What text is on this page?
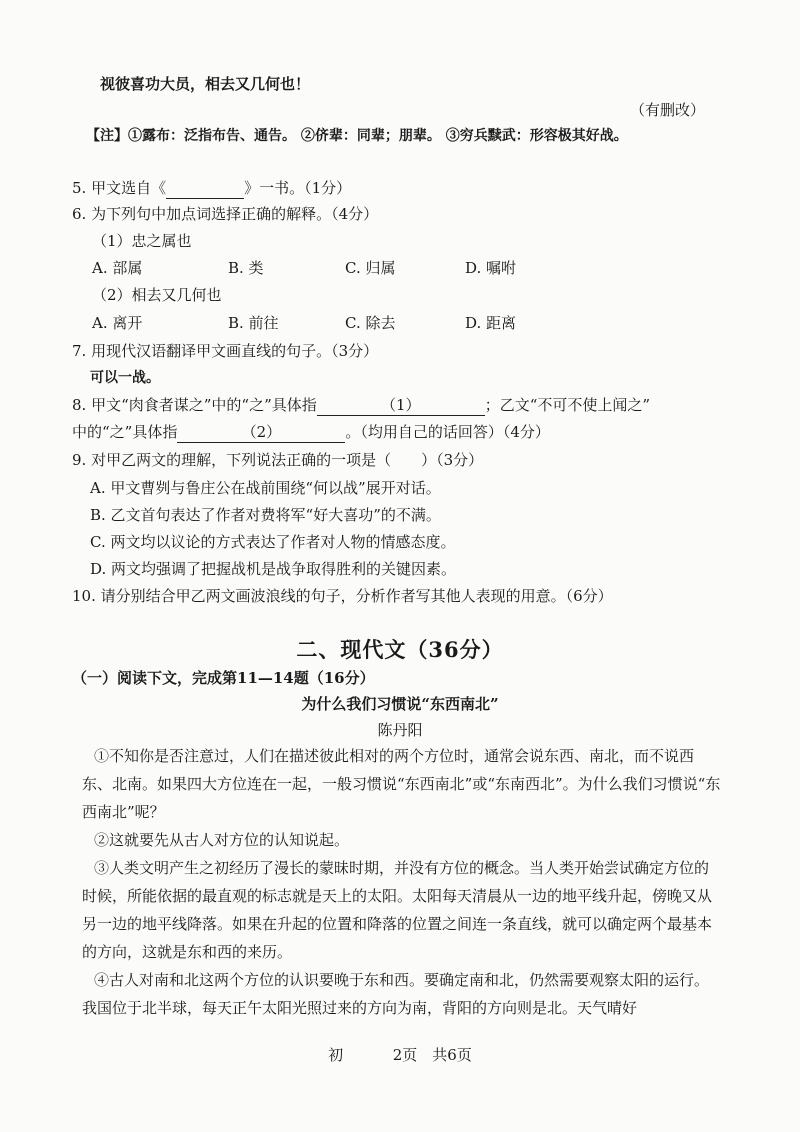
视彼喜功大员，相去又几何也！
（有删改）
【注】①露布：泛指布告、通告。 ②侪辈：同辈；朋辈。 ③穷兵黩武：形容极其好战。
5. 甲文选自《	》一书。（1分）
6. 为下列句中加点词选择正确的解释。（4分）
（1）忠之属也
A. 部属	B. 类	C. 归属	D. 嘱咐
（2）相去又几何也
A. 离开	B. 前往	C. 除去	D. 距离
7. 用现代汉语翻译甲文画直线的句子。（3分）
可以一战。
8. 甲文“肉食者谋之”中的“之”具体指	（1）	；乙文“不可不使上闻之”
中的“之”具体指	（2）	。（均用自己的话回答）（4分）
9. 对甲乙两文的理解，下列说法正确的一项是（　　）（3分）
A. 甲文曹刿与鲁庄公在战前围绕“何以战”展开对话。
B. 乙文首句表达了作者对费将军“好大喜功”的不满。
C. 两文均以议论的方式表达了作者对人物的情感态度。
D. 两文均强调了把握战机是战争取得胜利的关键因素。
10. 请分别结合甲乙两文画波浪线的句子，分析作者写其他人表现的用意。（6分）
二、现代文（36分）
（一）阅读下文，完成第11—14题（16分）
为什么我们习惯说“东西南北”
陈丹阳
①不知你是否注意过，人们在描述彼此相对的两个方位时，通常会说东西、南北，而不说西东、北南。如果四大方位连在一起，一般习惯说“东西南北”或“东南西北”。为什么我们习惯说“东西南北”呢？
②这就要先从古人对方位的认知说起。
③人类文明产生之初经历了漫长的蒙昧时期，并没有方位的概念。当人类开始尝试确定方位的时候，所能依据的最直观的标志就是天上的太阳。太阳每天清晨从一边的地平线升起，傍晚又从另一边的地平线降落。如果在升起的位置和降落的位置之间连一条直线，就可以确定两个最基本的方向，这就是东和西的来历。
④古人对南和北这两个方位的认识要晚于东和西。要确定南和北，仍然需要观察太阳的运行。我国位于北半球，每天正午太阳光照过来的方向为南，背阳的方向则是北。天气晴好
初	2页　共6页
